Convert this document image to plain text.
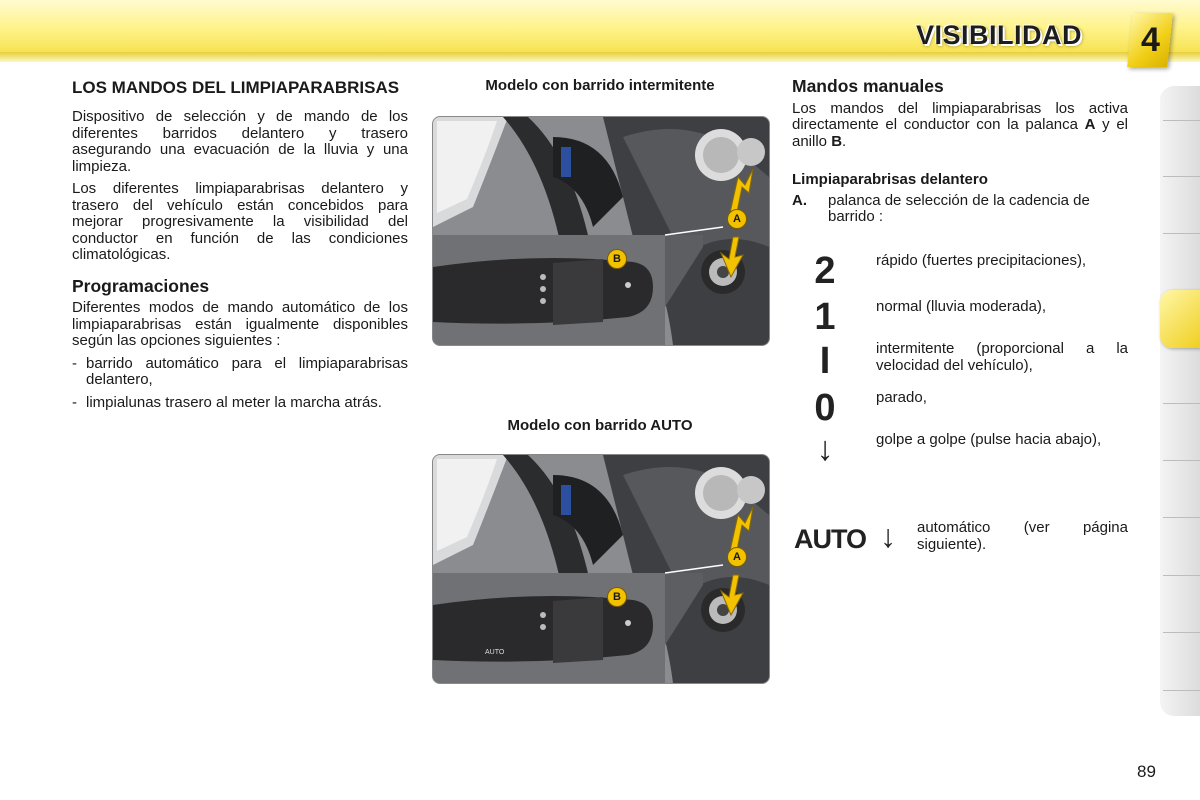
VISIBILIDAD 4
LOS MANDOS DEL LIMPIAPARABRISAS

Dispositivo de selección y de mando de los diferentes barridos delantero y trasero asegurando una evacuación de la lluvia y una limpieza.

Los diferentes limpiaparabrisas delantero y trasero del vehículo están concebidos para mejorar progresivamente la visibilidad del conductor en función de las condiciones climatológicas.

Programaciones

Diferentes modos de mando automático de los limpiaparabrisas están igualmente disponibles según las opciones siguientes :

- barrido automático para el limpiaparabrisas delantero,

- limpialunas trasero al meter la marcha atrás.

Modelo con barrido intermitente
A
B
Modelo con barrido AUTO
AUTO
A
B
Mandos manuales

Los mandos del limpiaparabrisas los activa directamente el conductor con la palanca A y el anillo B.

Limpiaparabrisas delantero
A. palanca de selección de la cadencia de barrido :
2	rápido (fuertes precipitaciones),
1	normal (lluvia moderada),
I	intermitente (proporcional a la velocidad del vehículo),
0	parado,
↓	golpe a golpe (pulse hacia abajo),
AUTO ↓ automático (ver página siguiente).
89
